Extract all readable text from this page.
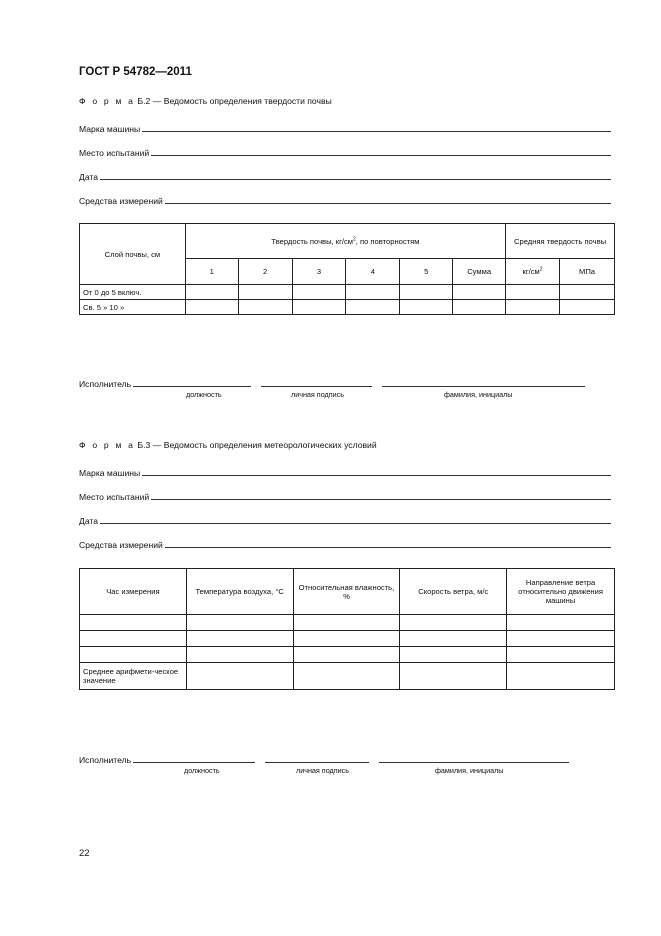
ГОСТ Р 54782—2011
Ф о р м а Б.2 — Ведомость определения твердости почвы
Марка машины
Место испытаний
Дата
Средства измерений
Слой почвы, см	Твердость почвы, $кг/см^2$, по повторностям						Средняя твердость почвы	
	1	2	3	4	5	Сумма	$кг/см^2$	МПа
От 0 до 5 включ.								
Св. 5 » 10 »								
Исполнитель
должность	личная подпись	фамилия, инициалы
Ф о р м а Б.3 — Ведомость определения метеорологических условий
Марка машины
Место испытаний
Дата
Средства измерений
Час измерения	Температура воздуха, °С	Относительная влажность, %	Скорость ветра, м/с	Направление ветра относительно движения машины

Среднее арифмети-ческое значение				
Исполнитель
должность	личная подпись	фамилия, инициалы
22
